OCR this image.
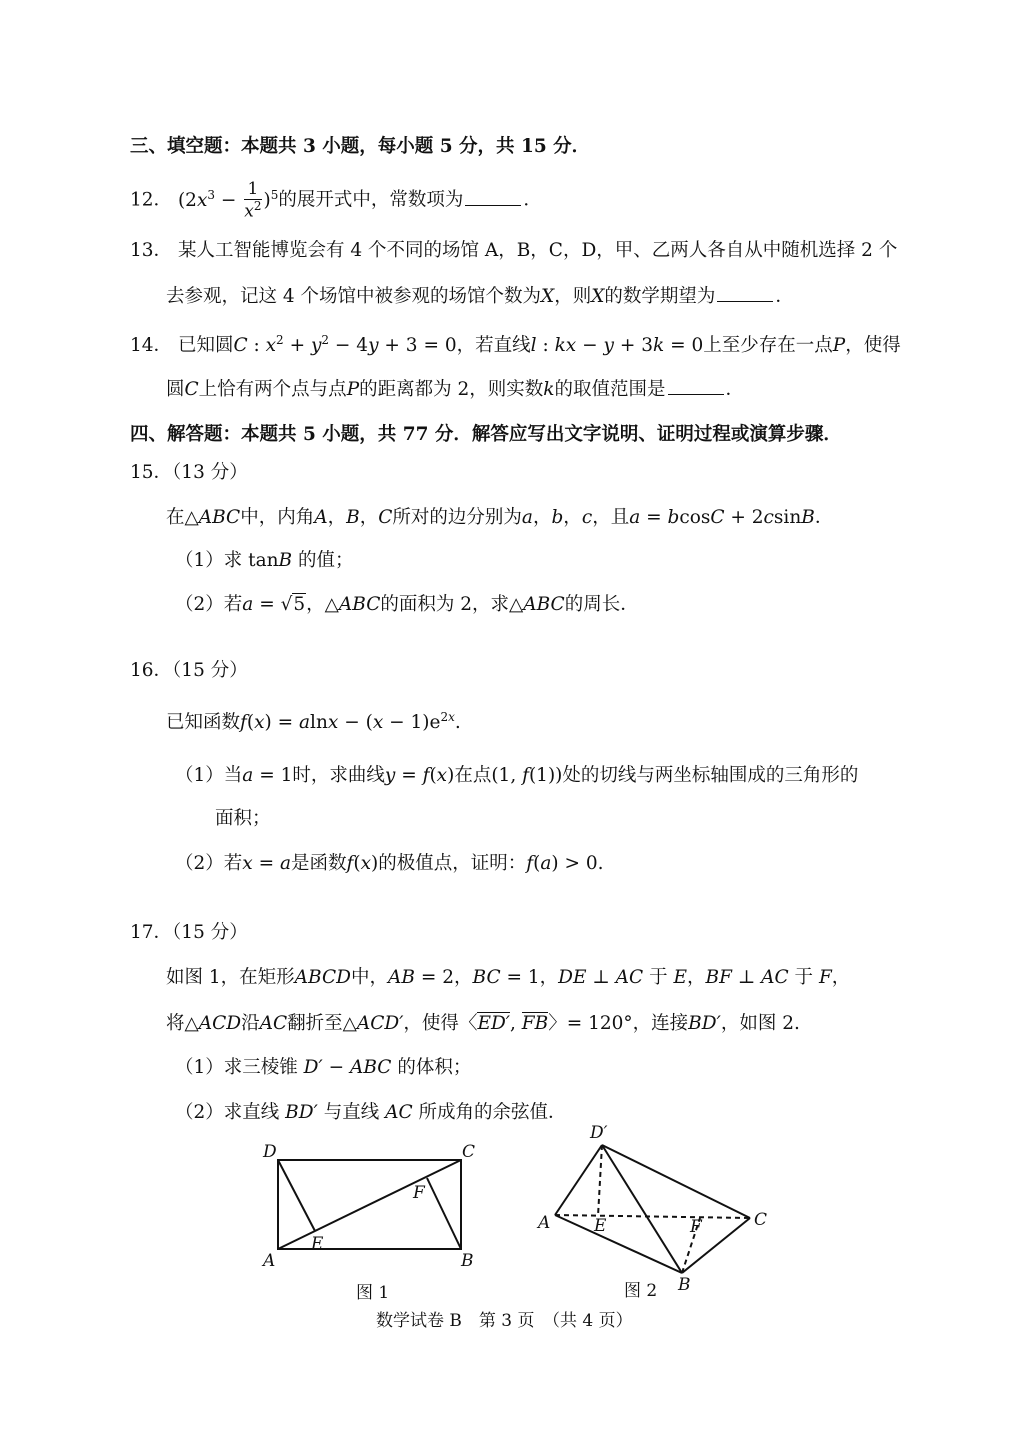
三、填空题：本题共 3 小题，每小题 5 分，共 15 分．
12． $(2x^3 - \frac{1}{x^2} )^5$的展开式中，常数项为	．
13． 某人工智能博览会有 4 个不同的场馆 A，B，C，D，甲、乙两人各自从中随机选择 2 个
去参观，记这 4 个场馆中被参观的场馆个数为X，则X的数学期望为	．
14． 已知圆C : $x^2 + y^2 - 4y + 3 = 0$，若直线l : kx − y + 3k = 0上至少存在一点P，使得
圆C上恰有两个点与点P的距离都为 2，则实数k的取值范围是	．
四、解答题：本题共 5 小题，共 77 分．解答应写出文字说明、证明过程或演算步骤．
15．（13 分）
在△ABC中，内角A，B，C所对的边分别为a，b，c，且a = bcosC + 2csinB．
（1）求 tanB 的值；
（2）若a = √5，△ABC的面积为 2，求△ABC的周长．
16．（15 分）
已知函数$f(x) = alnx - (x - 1)e^{2x}$.
（1）当a = 1时，求曲线y = f(x)在点(1, f(1))处的切线与两坐标轴围成的三角形的
面积；
（2）若x = a是函数f(x)的极值点，证明：f(a) > 0.
17．（15 分）
如图 1，在矩形ABCD中，AB = 2，BC = 1，DE ⊥ AC 于 E，BF ⊥ AC 于 F，
将△ACD沿AC翻折至△ACD′，使得〈ED′, FB〉= 120°，连接BD′，如图 2.
（1）求三棱锥 D′ − ABC 的体积；
（2）求直线 BD′ 与直线 AC 所成角的余弦值．
D	C
A	B
E
F
图 1
D′
A	C
B
E	F
图 2
数学试卷 B　第 3 页　（共 4 页）
